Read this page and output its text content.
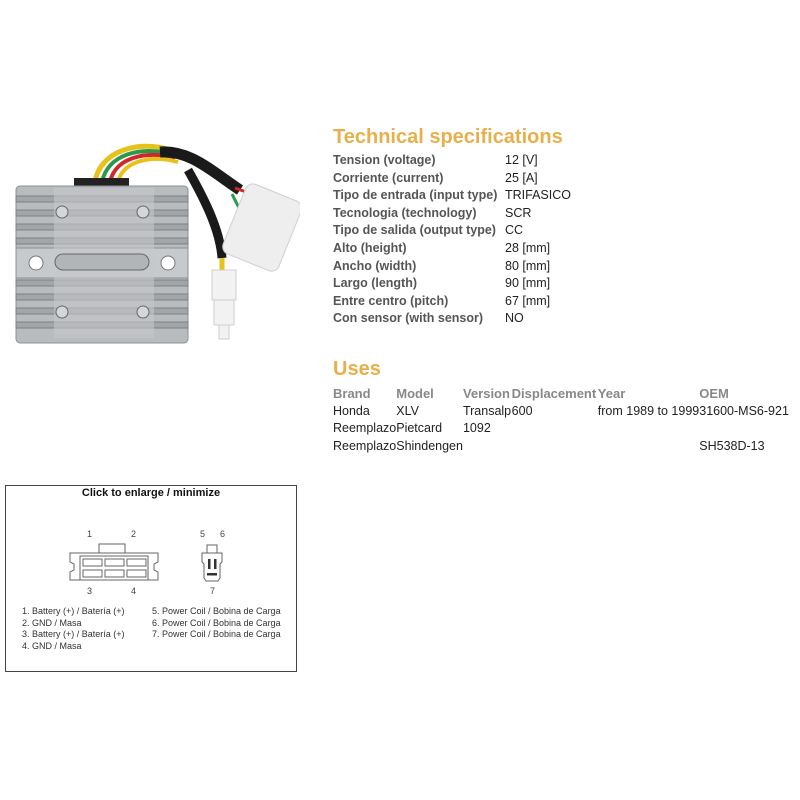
Technical specifications
Tension (voltage)	12 [V]
Corriente (current)	25 [A]
Tipo de entrada (input type) TRIFASICO
Tecnologia (technology)	SCR
Tipo de salida (output type) CC
Alto (height)	28 [mm]
Ancho (width)	80 [mm]
Largo (length)	90 [mm]
Entre centro (pitch)	67 [mm]
Con sensor (with sensor)	NO
Uses
Brand	Model	Version	Displacement	Year	OEM
Honda	XLV	Transalp	600	from 1989 to 1999	31600-MS6-921
Reemplazo	Pietcard	1092			
Reemplazo	Shindengen				SH538D-13
Click to enlarge / minimize
1	2
3	4
5 6
7
1. Battery (+) / Batería (+)
2. GND / Masa
3. Battery (+) / Batería (+)
4. GND / Masa
5. Power Coil / Bobina de Carga
6. Power Coil / Bobina de Carga
7. Power Coil / Bobina de Carga
